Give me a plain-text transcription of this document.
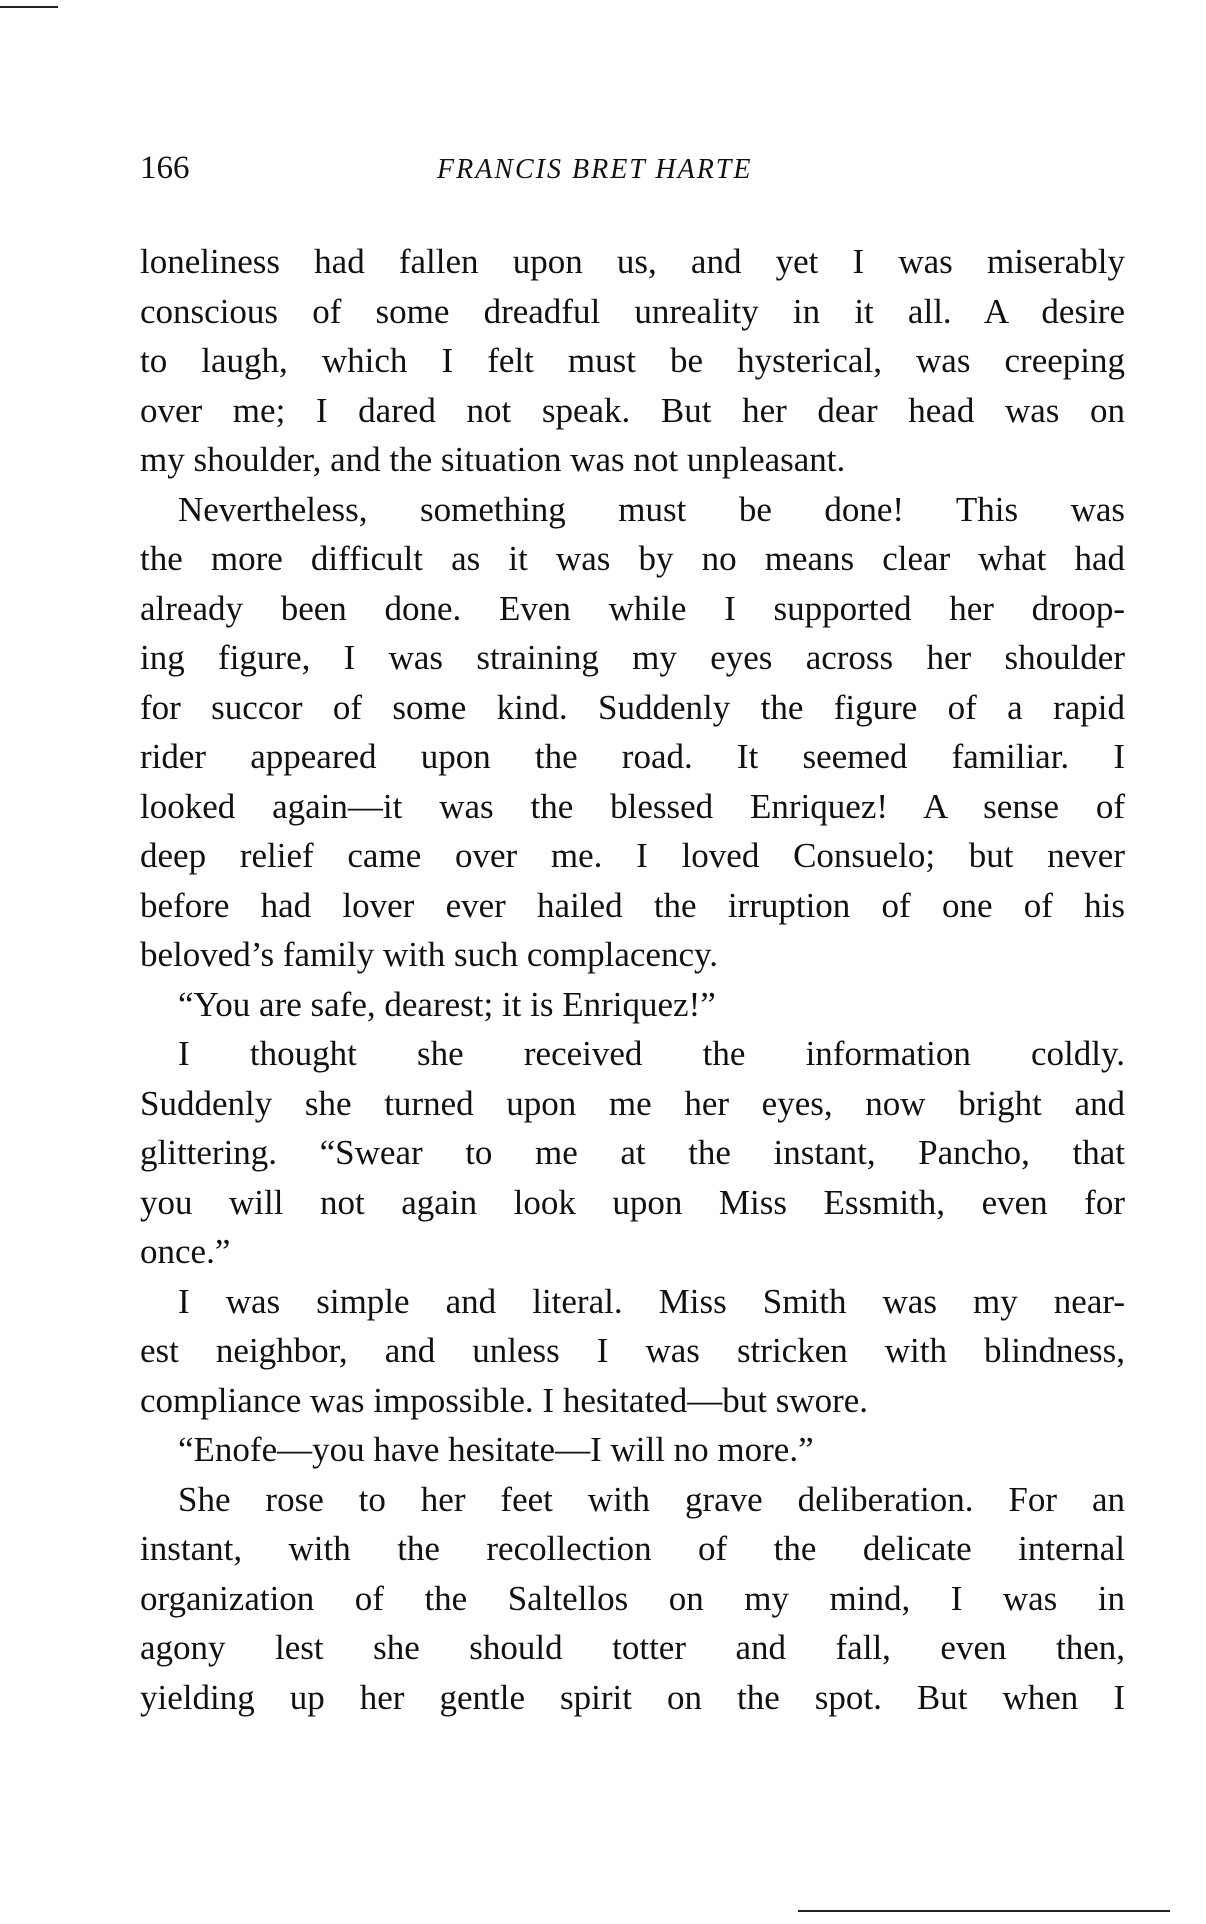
166	FRANCIS BRET HARTE
loneliness had fallen upon us, and yet I was miserably
conscious of some dreadful unreality in it all. A desire
to laugh, which I felt must be hysterical, was creeping
over me; I dared not speak. But her dear head was on
my shoulder, and the situation was not unpleasant.
Nevertheless, something must be done! This was
the more difficult as it was by no means clear what had
already been done. Even while I supported her droop-
ing figure, I was straining my eyes across her shoulder
for succor of some kind. Suddenly the figure of a rapid
rider appeared upon the road. It seemed familiar. I
looked again—it was the blessed Enriquez! A sense of
deep relief came over me. I loved Consuelo; but never
before had lover ever hailed the irruption of one of his
beloved’s family with such complacency.
“You are safe, dearest; it is Enriquez!”
I thought she received the information coldly.
Suddenly she turned upon me her eyes, now bright and
glittering. “Swear to me at the instant, Pancho, that
you will not again look upon Miss Essmith, even for
once.”
I was simple and literal. Miss Smith was my near-
est neighbor, and unless I was stricken with blindness,
compliance was impossible. I hesitated—but swore.
“Enofe—you have hesitate—I will no more.”
She rose to her feet with grave deliberation. For an
instant, with the recollection of the delicate internal
organization of the Saltellos on my mind, I was in
agony lest she should totter and fall, even then,
yielding up her gentle spirit on the spot. But when I
